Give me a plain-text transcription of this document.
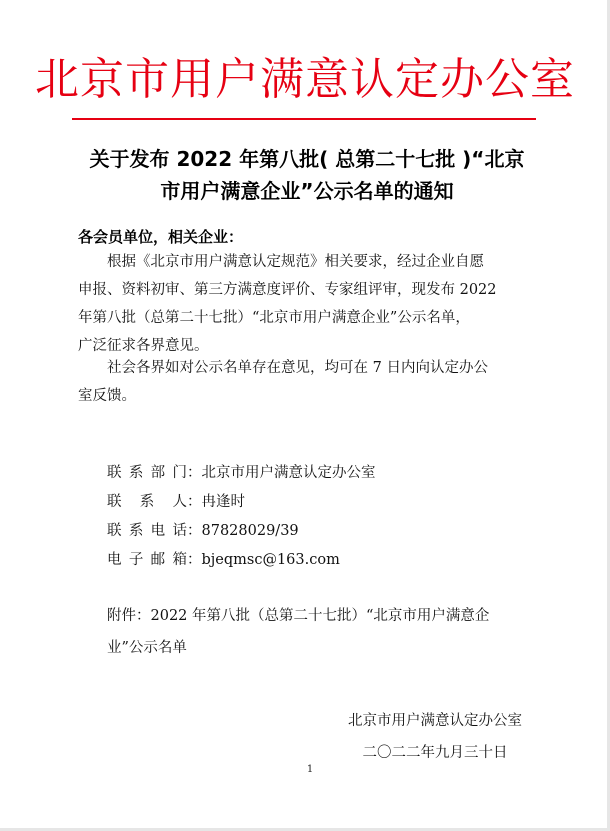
北京市用户满意认定办公室
关于发布 2022 年第八批( 总第二十七批 )“北京
市用户满意企业”公示名单的通知
各会员单位，相关企业：
　　根据《北京市用户满意认定规范》相关要求，经过企业自愿
申报、资料初审、第三方满意度评价、专家组评审，现发布 2022
年第八批（总第二十七批）“北京市用户满意企业”公示名单，
广泛征求各界意见。
　　社会各界如对公示名单存在意见，均可在 7 日内向认定办公
室反馈。
联系部门 ： 北京市用户满意认定办公室
联 系 人 ： 冉逢时
联系电话 ： 87828029/39
电子邮箱 ： bjeqmsc@163.com
　　附件：2022 年第八批（总第二十七批）“北京市用户满意企
　　业”公示名单
北京市用户满意认定办公室
二〇二二年九月三十日
1
